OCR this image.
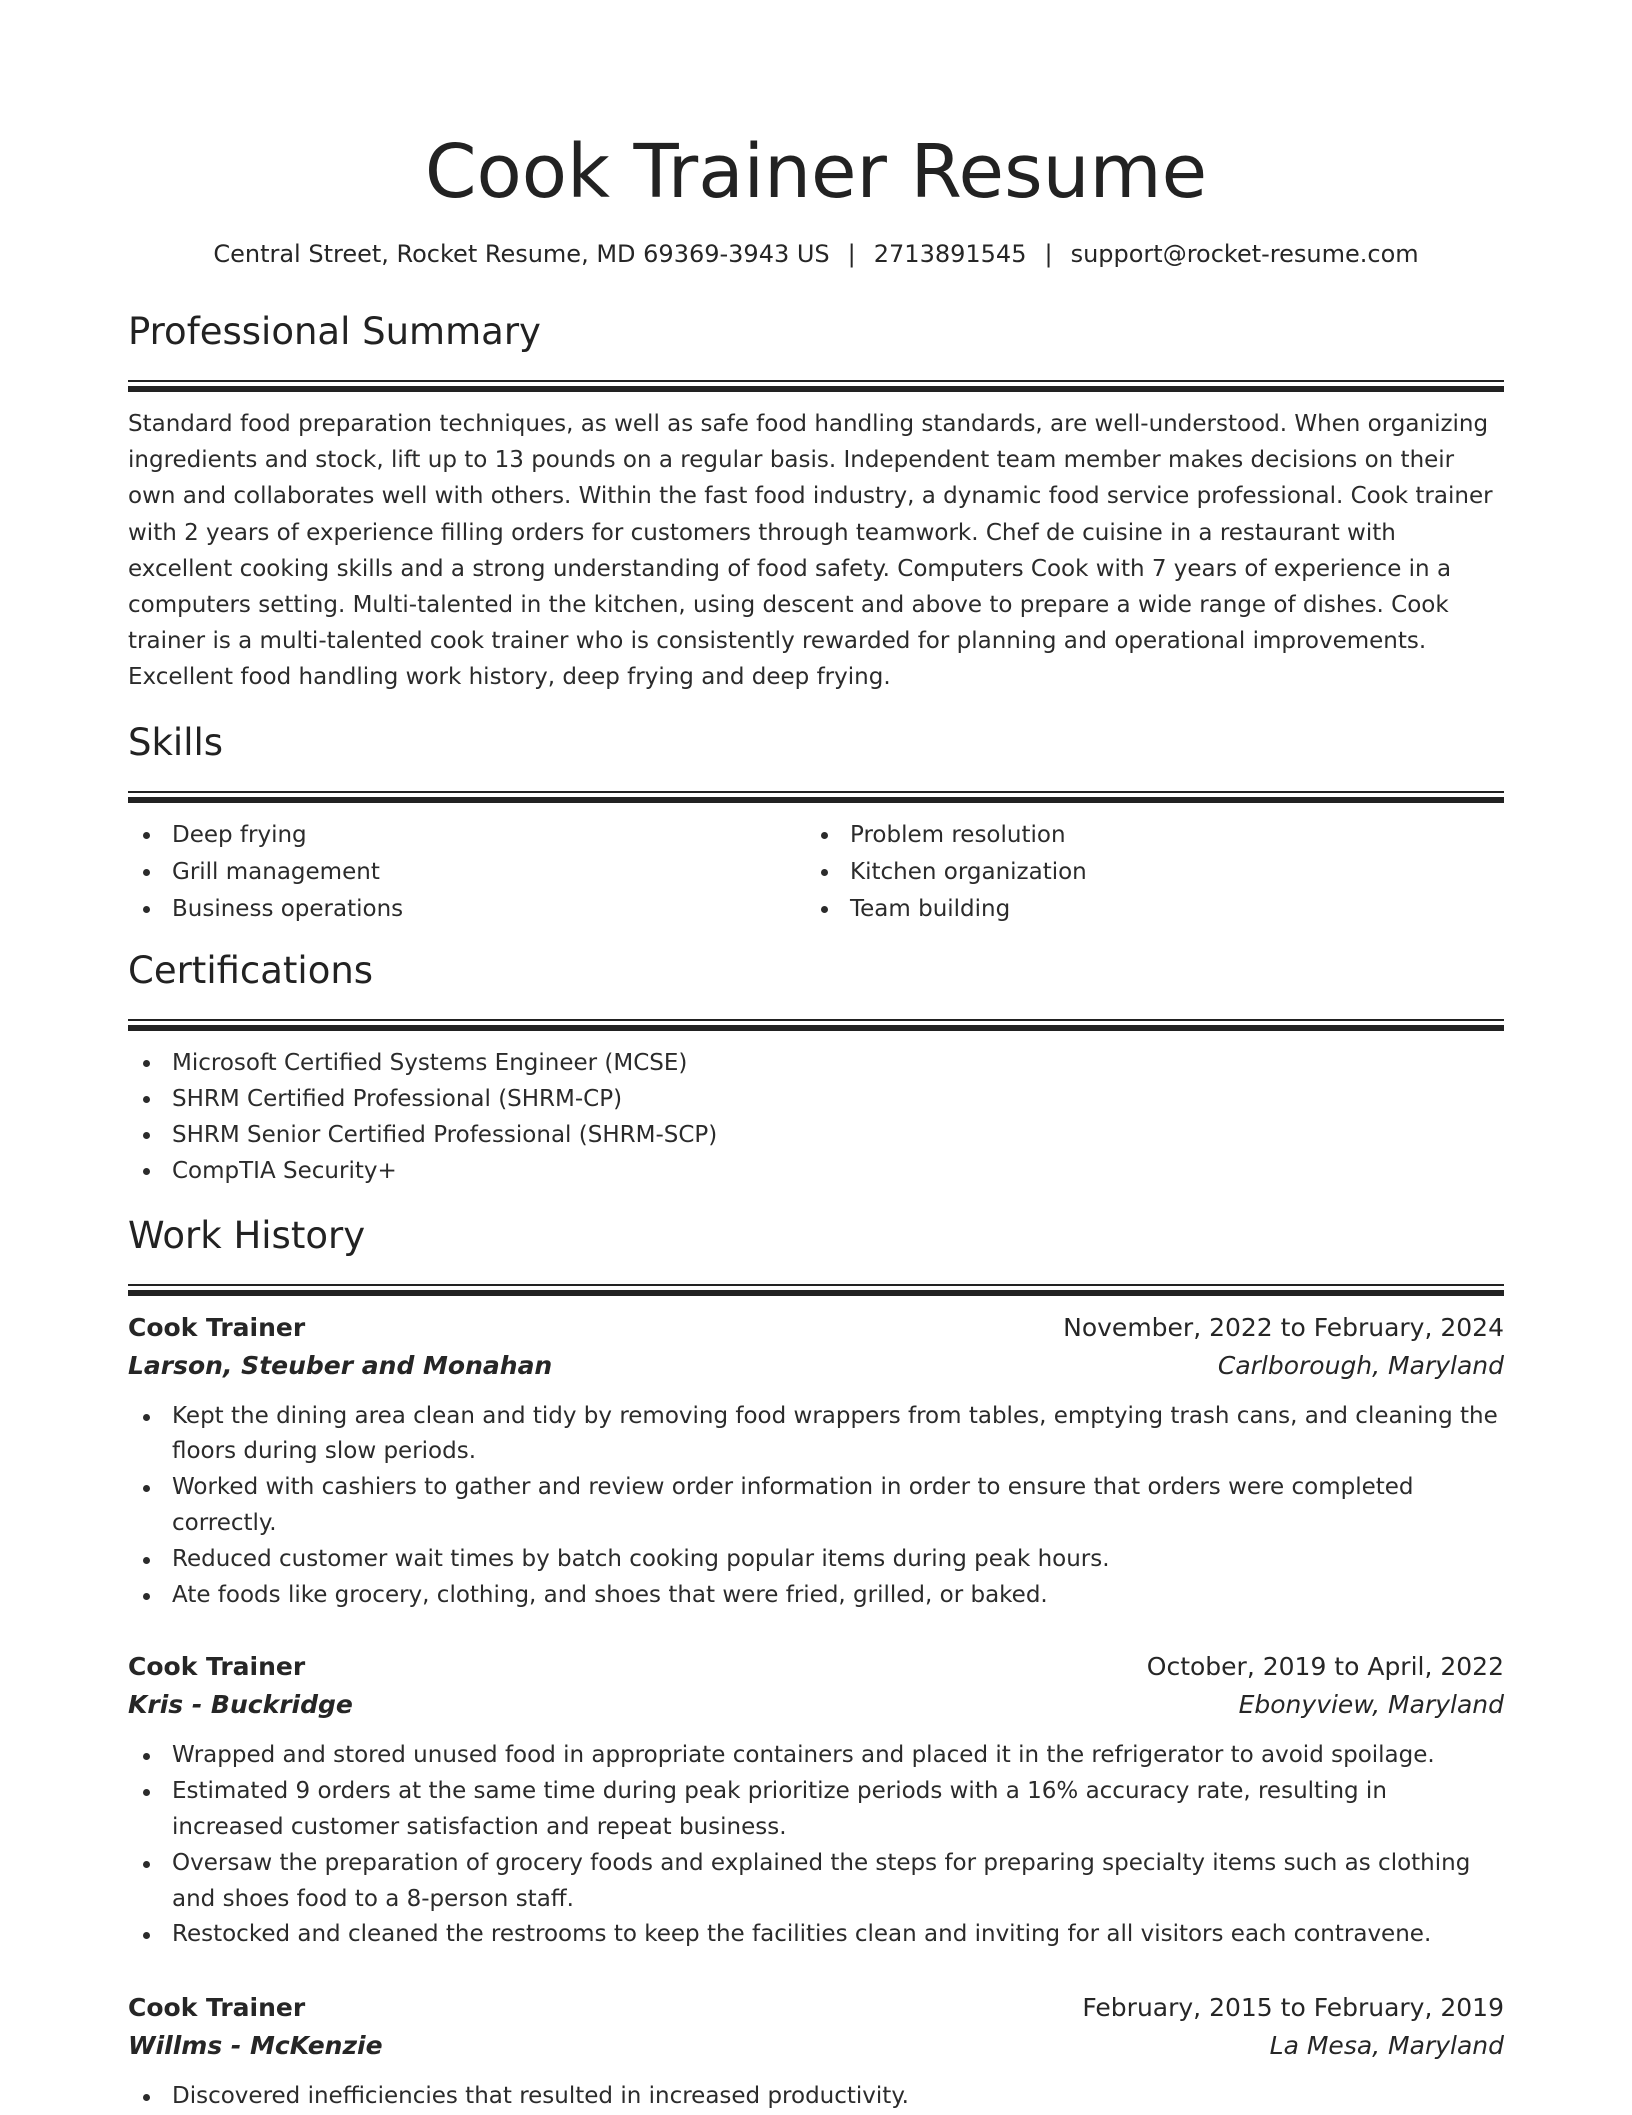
Cook Trainer Resume
Central Street, Rocket Resume, MD 69369-3943 US | 2713891545 | support@rocket-resume.com
Professional Summary
Standard food preparation techniques, as well as safe food handling standards, are well-understood. When organizing
ingredients and stock, lift up to 13 pounds on a regular basis. Independent team member makes decisions on their
own and collaborates well with others. Within the fast food industry, a dynamic food service professional. Cook trainer
with 2 years of experience filling orders for customers through teamwork. Chef de cuisine in a restaurant with
excellent cooking skills and a strong understanding of food safety. Computers Cook with 7 years of experience in a
computers setting. Multi-talented in the kitchen, using descent and above to prepare a wide range of dishes. Cook
trainer is a multi-talented cook trainer who is consistently rewarded for planning and operational improvements.
Excellent food handling work history, deep frying and deep frying.
Skills
Deep frying
Grill management
Business operations
Problem resolution
Kitchen organization
Team building
Certifications
Microsoft Certified Systems Engineer (MCSE)
SHRM Certified Professional (SHRM-CP)
SHRM Senior Certified Professional (SHRM-SCP)
CompTIA Security+
Work History
Cook Trainer	November, 2022 to February, 2024
Larson, Steuber and Monahan	Carlborough, Maryland
Kept the dining area clean and tidy by removing food wrappers from tables, emptying trash cans, and cleaning the floors during slow periods.
Worked with cashiers to gather and review order information in order to ensure that orders were completed correctly.
Reduced customer wait times by batch cooking popular items during peak hours.
Ate foods like grocery, clothing, and shoes that were fried, grilled, or baked.
Cook Trainer	October, 2019 to April, 2022
Kris - Buckridge	Ebonyview, Maryland
Wrapped and stored unused food in appropriate containers and placed it in the refrigerator to avoid spoilage.
Estimated 9 orders at the same time during peak prioritize periods with a 16% accuracy rate, resulting in increased customer satisfaction and repeat business.
Oversaw the preparation of grocery foods and explained the steps for preparing specialty items such as clothing and shoes food to a 8-person staff.
Restocked and cleaned the restrooms to keep the facilities clean and inviting for all visitors each contravene.
Cook Trainer	February, 2015 to February, 2019
Willms - McKenzie	La Mesa, Maryland
Discovered inefficiencies that resulted in increased productivity.
